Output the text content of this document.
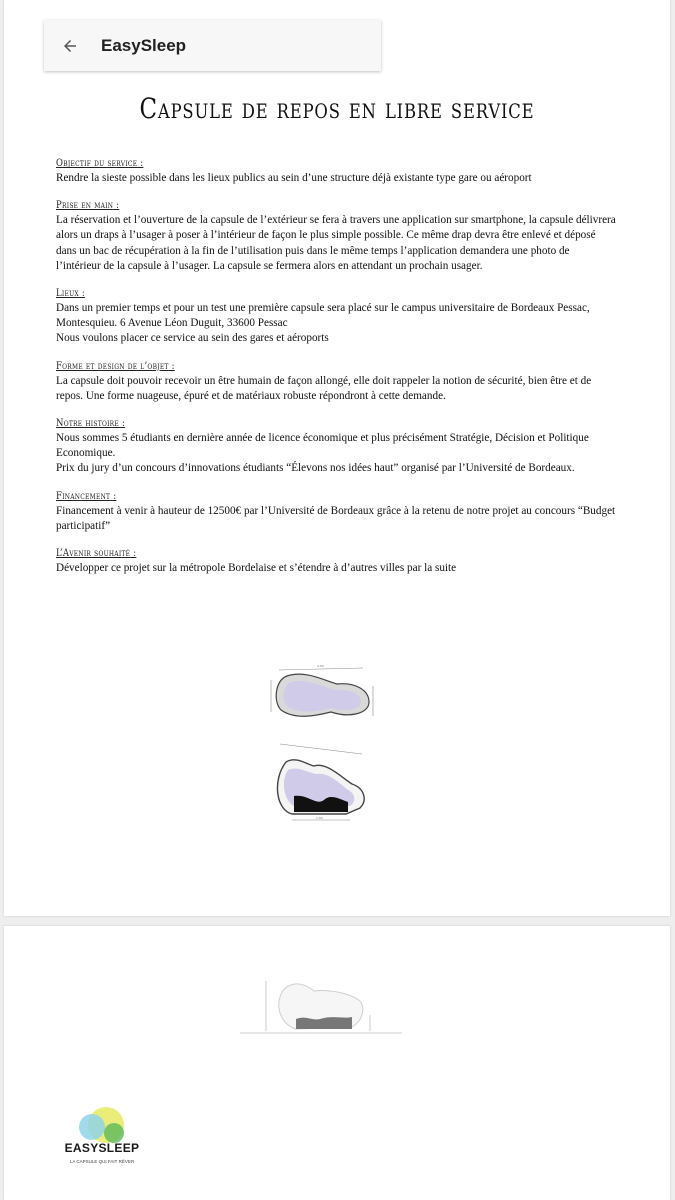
EasySleep
Capsule de repos en libre service
Objectif du service :

Rendre la sieste possible dans les lieux publics au sein d’une structure déjà existante type gare ou aéroport

Prise en main :

La réservation et l’ouverture de la capsule de l’extérieur se fera à travers une application sur smartphone, la capsule délivrera alors un draps à l’usager à poser à l’intérieur de façon le plus simple possible. Ce même drap devra être enlevé et déposé dans un bac de récupération à la fin de l’utilisation puis dans le même temps l’application demandera une photo de l’intérieur de la capsule à l’usager. La capsule se fermera alors en attendant un prochain usager.

Lieux :

Dans un premier temps et pour un test une première capsule sera placé sur le campus universitaire de Bordeaux Pessac, Montesquieu. 6 Avenue Léon Duguit, 33600 Pessac

Nous voulons placer ce service au sein des gares et aéroports

Forme et design de l’objet :

La capsule doit pouvoir recevoir un être humain de façon allongé, elle doit rappeler la notion de sécurité, bien être et de repos. Une forme nuageuse, épuré et de matériaux robuste répondront à cette demande.

Notre histoire :

Nous sommes 5 étudiants en dernière année de licence économique et plus précisément Stratégie, Décision et Politique Economique.

Prix du jury d’un concours d’innovations étudiants “Élevons nos idées haut” organisé par l’Université de Bordeaux.

Financement :

Financement à venir à hauteur de 12500€ par l’Université de Bordeaux grâce à la retenu de notre projet au concours “Budget participatif”

L’Avenir souhaité :

Développer ce projet sur la métropole Bordelaise et s’étendre à d’autres villes par la suite

3.00
1.00
EASYSLEEP
LA CAPSULE QUI FAIT RÊVER
